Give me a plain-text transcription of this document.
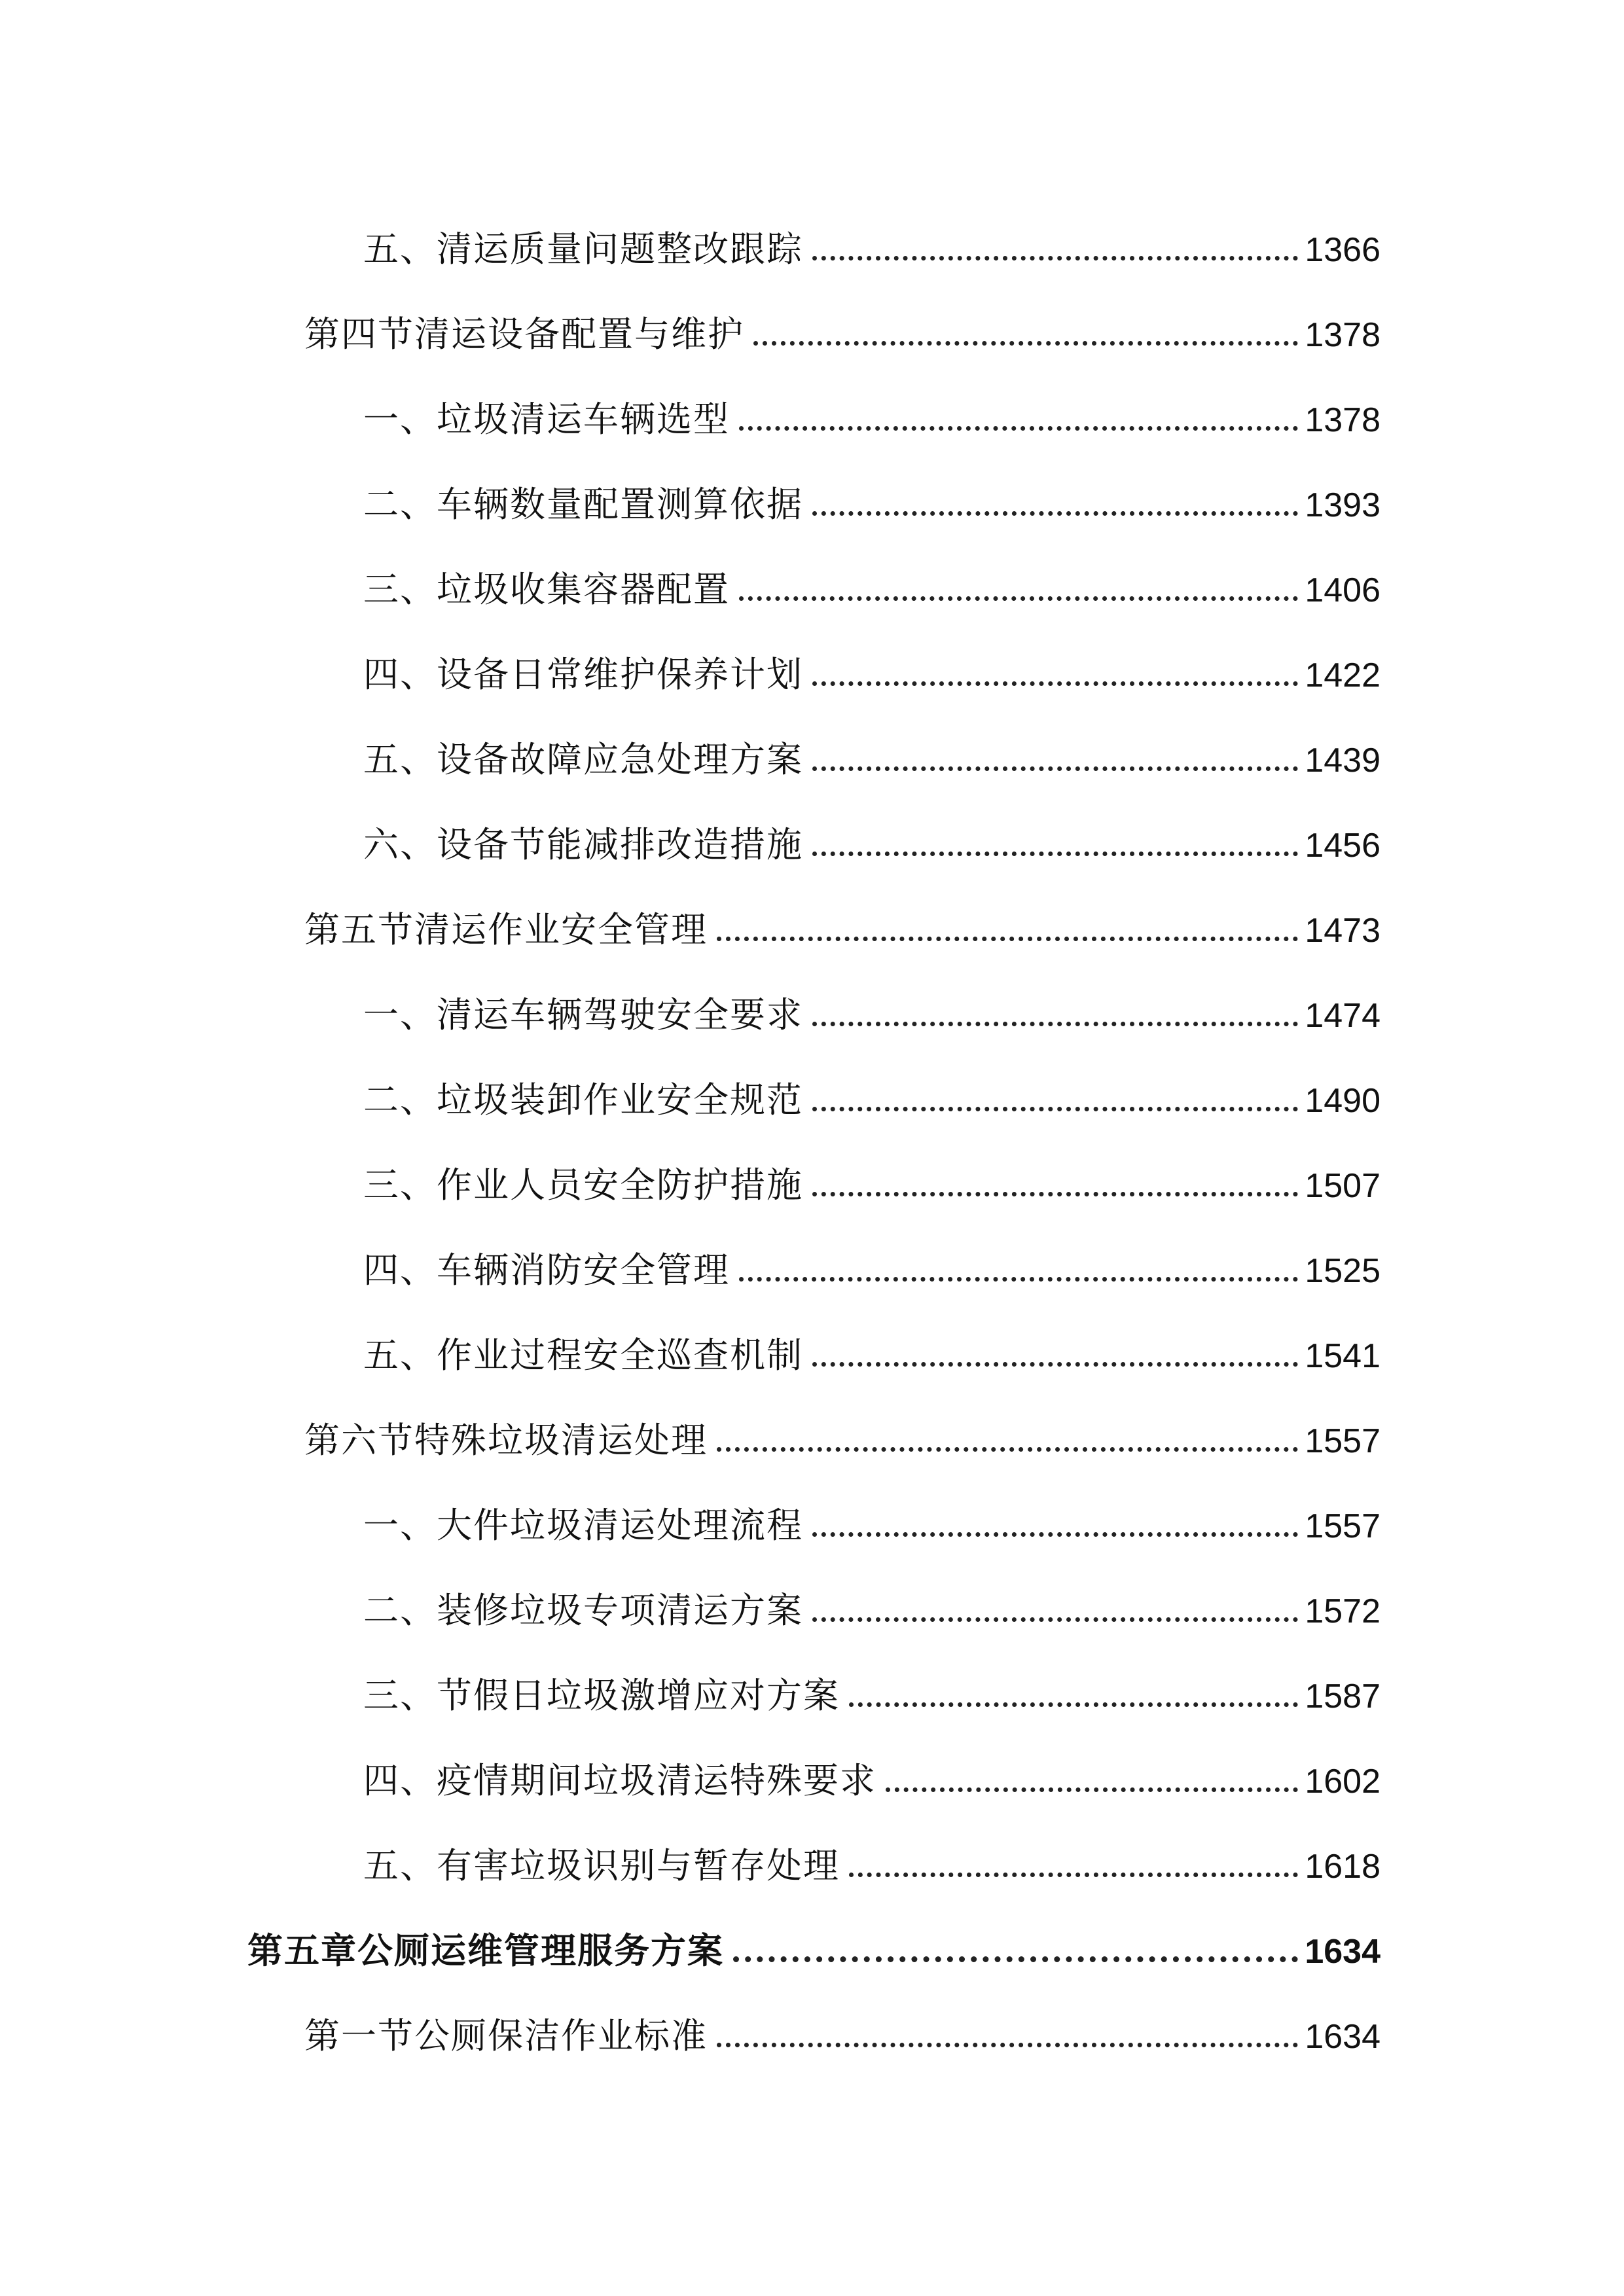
五、清运质量问题整改跟踪	1366
第四节清运设备配置与维护	1378
一、垃圾清运车辆选型	1378
二、车辆数量配置测算依据	1393
三、垃圾收集容器配置	1406
四、设备日常维护保养计划	1422
五、设备故障应急处理方案	1439
六、设备节能减排改造措施	1456
第五节清运作业安全管理	1473
一、清运车辆驾驶安全要求	1474
二、垃圾装卸作业安全规范	1490
三、作业人员安全防护措施	1507
四、车辆消防安全管理	1525
五、作业过程安全巡查机制	1541
第六节特殊垃圾清运处理	1557
一、大件垃圾清运处理流程	1557
二、装修垃圾专项清运方案	1572
三、节假日垃圾激增应对方案	1587
四、疫情期间垃圾清运特殊要求	1602
五、有害垃圾识别与暂存处理	1618
第五章公厕运维管理服务方案	1634
第一节公厕保洁作业标准	1634
